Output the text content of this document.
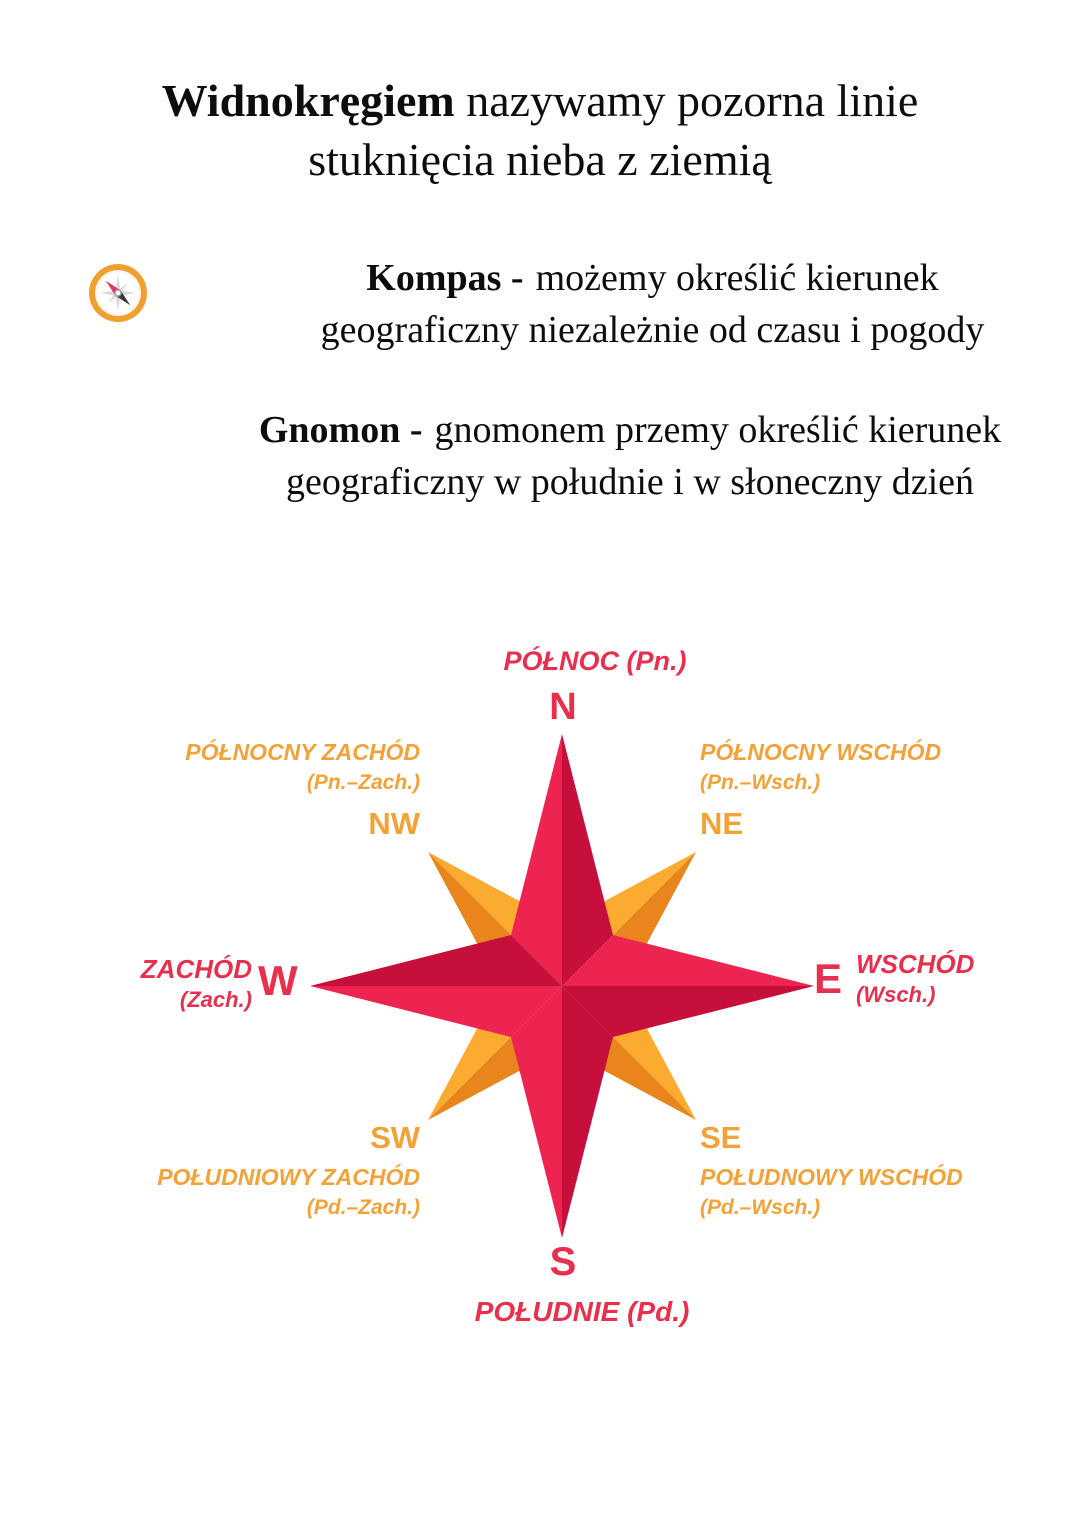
Widnokręgiem nazywamy pozorna linie
stuknięcia nieba z ziemią
Kompas - możemy określić kierunek
geograficzny niezależnie od czasu i pogody
Gnomon - gnomonem przemy określić kierunek
geograficzny w południe i w słoneczny dzień
PÓŁNOC (Pn.)
N
PÓŁNOCNY ZACHÓD
(Pn.–Zach.)
NW
PÓŁNOCNY WSCHÓD
(Pn.–Wsch.)
NE
ZACHÓD
(Zach.) W	E WSCHÓD
(Wsch.)
SW
POŁUDNIOWY ZACHÓD
(Pd.–Zach.)
SE
POŁUDNOWY WSCHÓD
(Pd.–Wsch.)
S
POŁUDNIE (Pd.)
